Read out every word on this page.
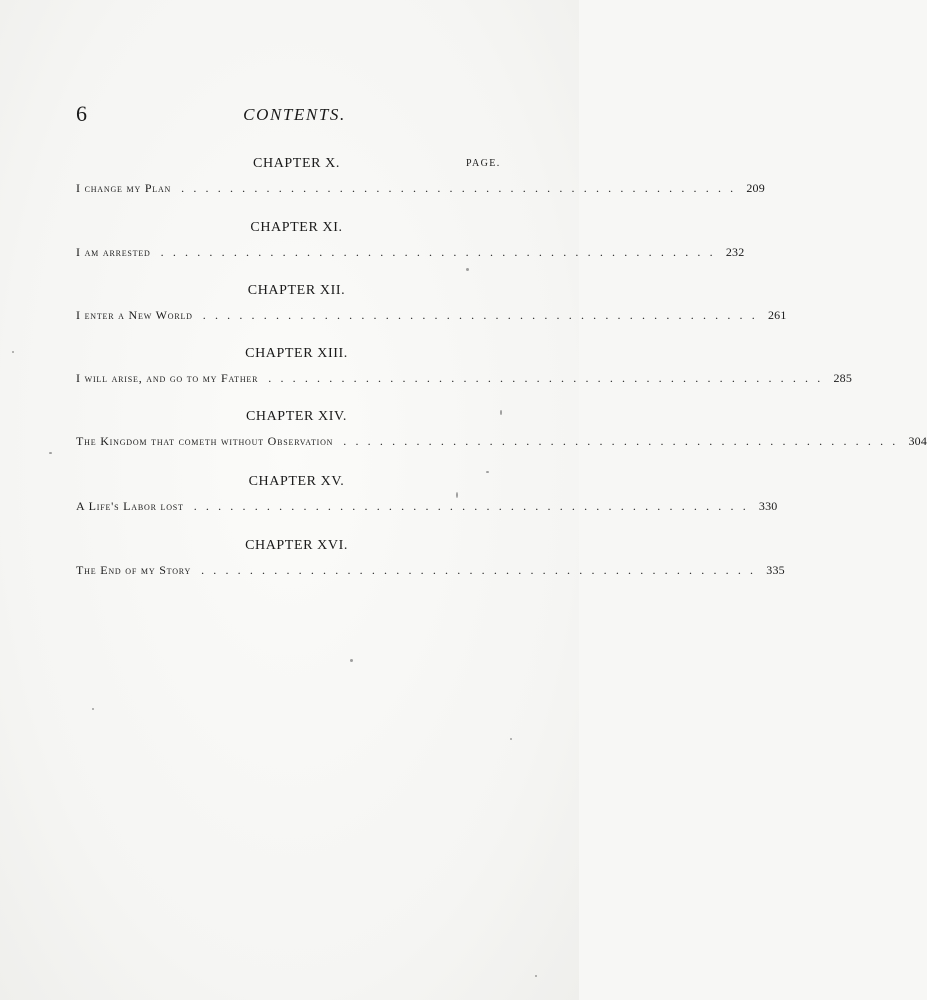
6	CONTENTS.
PAGE.
CHAPTER X.
I change my Plan .............................................. 209
CHAPTER XI.
I am arrested .............................................. 232
CHAPTER XII.
I enter a New World .............................................. 261
CHAPTER XIII.
I will arise, and go to my Father .............................................. 285
CHAPTER XIV.
The Kingdom that cometh without Observation .............................................. 304
CHAPTER XV.
A Life's Labor lost .............................................. 330
CHAPTER XVI.
The End of my Story .............................................. 335
